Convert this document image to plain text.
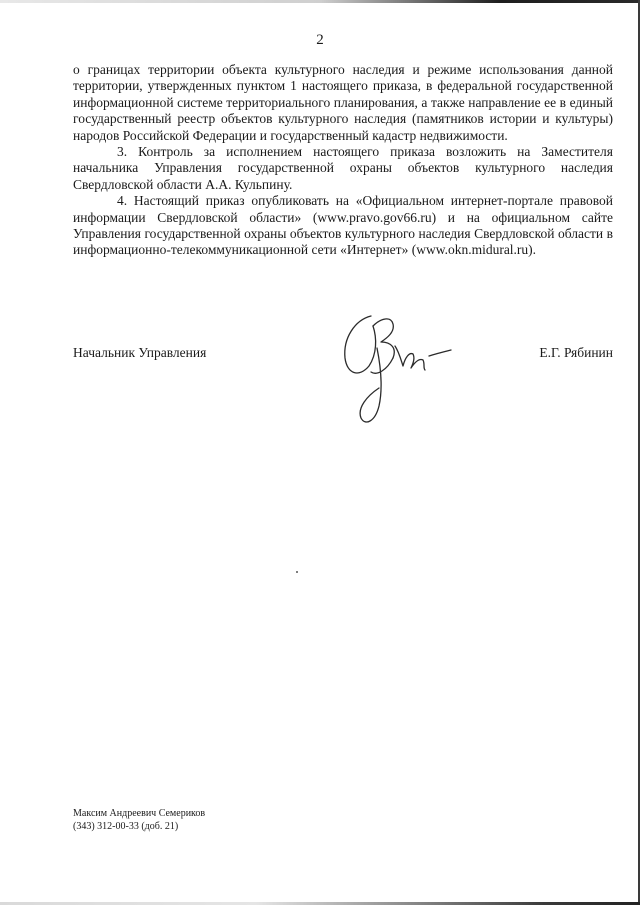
2

о границах территории объекта культурного наследия и режиме использования данной территории, утвержденных пунктом 1 настоящего приказа, в федеральной государственной информационной системе территориального планирования, а также направление ее в единый государственный реестр объектов культурного наследия (памятников истории и культуры) народов Российской Федерации и государственный кадастр недвижимости.

3. Контроль за исполнением настоящего приказа возложить на Заместителя начальника Управления государственной охраны объектов культурного наследия Свердловской области А.А. Кульпину.

4. Настоящий приказ опубликовать на «Официальном интернет-портале правовой информации Свердловской области» (www.pravo.gov66.ru) и на официальном сайте Управления государственной охраны объектов культурного наследия Свердловской области в информационно-телекоммуникационной сети «Интернет» (www.okn.midural.ru).

Начальник Управления	Е.Г. Рябинин
Максим Андреевич Семериков
(343) 312-00-33 (доб. 21)
